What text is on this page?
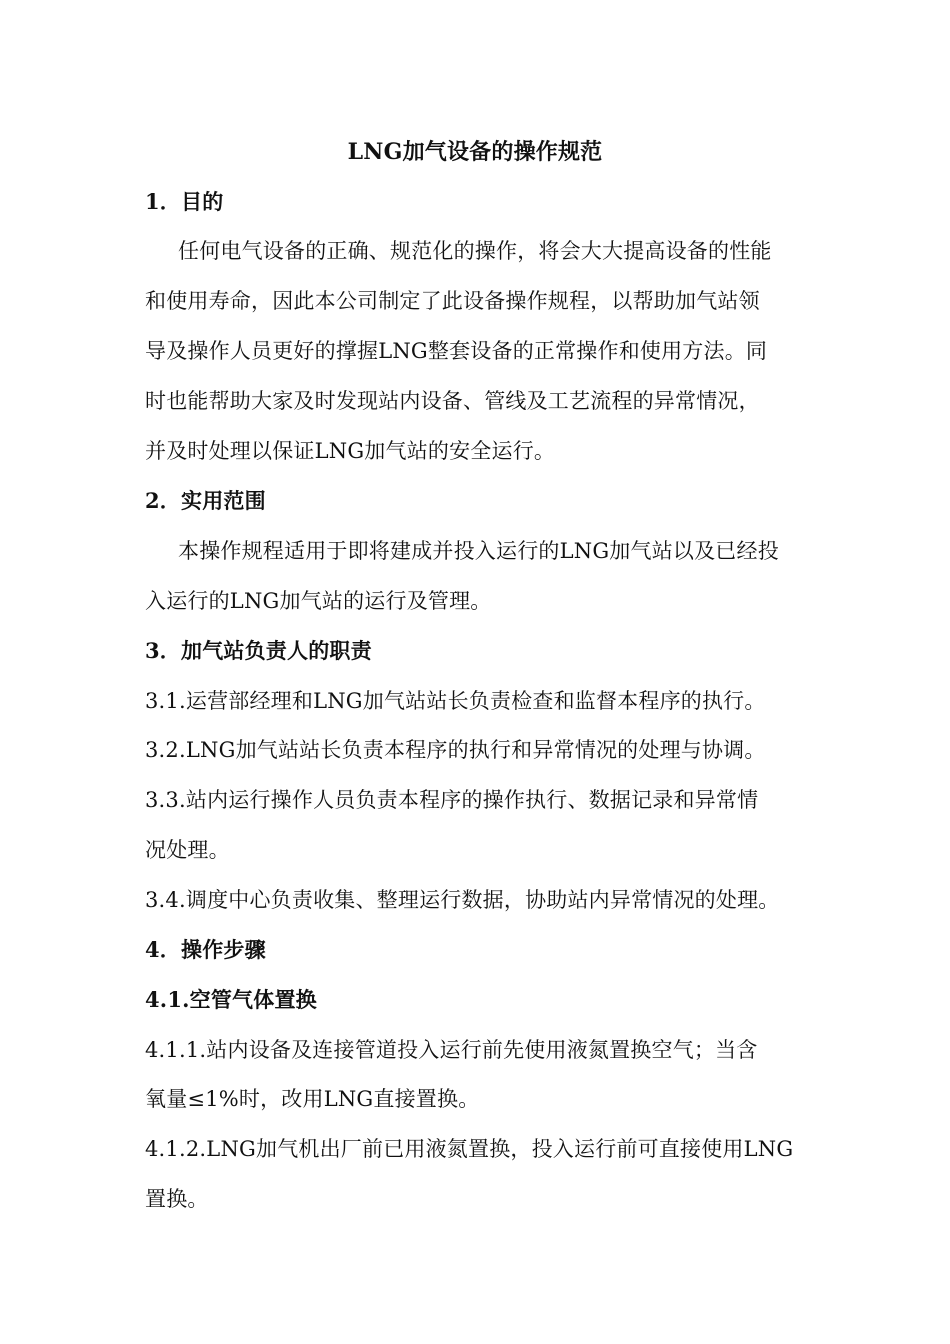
LNG加气设备的操作规范
1．目的
任何电气设备的正确、规范化的操作，将会大大提高设备的性能
和使用寿命，因此本公司制定了此设备操作规程，以帮助加气站领
导及操作人员更好的撑握LNG整套设备的正常操作和使用方法。同
时也能帮助大家及时发现站内设备、管线及工艺流程的异常情况，
并及时处理以保证LNG加气站的安全运行。
2．实用范围
本操作规程适用于即将建成并投入运行的LNG加气站以及已经投
入运行的LNG加气站的运行及管理。
3．加气站负责人的职责
3.1.运营部经理和LNG加气站站长负责检查和监督本程序的执行。
3.2.LNG加气站站长负责本程序的执行和异常情况的处理与协调。
3.3.站内运行操作人员负责本程序的操作执行、数据记录和异常情
况处理。
3.4.调度中心负责收集、整理运行数据，协助站内异常情况的处理。
4．操作步骤
4.1.空管气体置换
4.1.1.站内设备及连接管道投入运行前先使用液氮置换空气；当含
氧量≤1%时，改用LNG直接置换。
4.1.2.LNG加气机出厂前已用液氮置换，投入运行前可直接使用LNG
置换。
